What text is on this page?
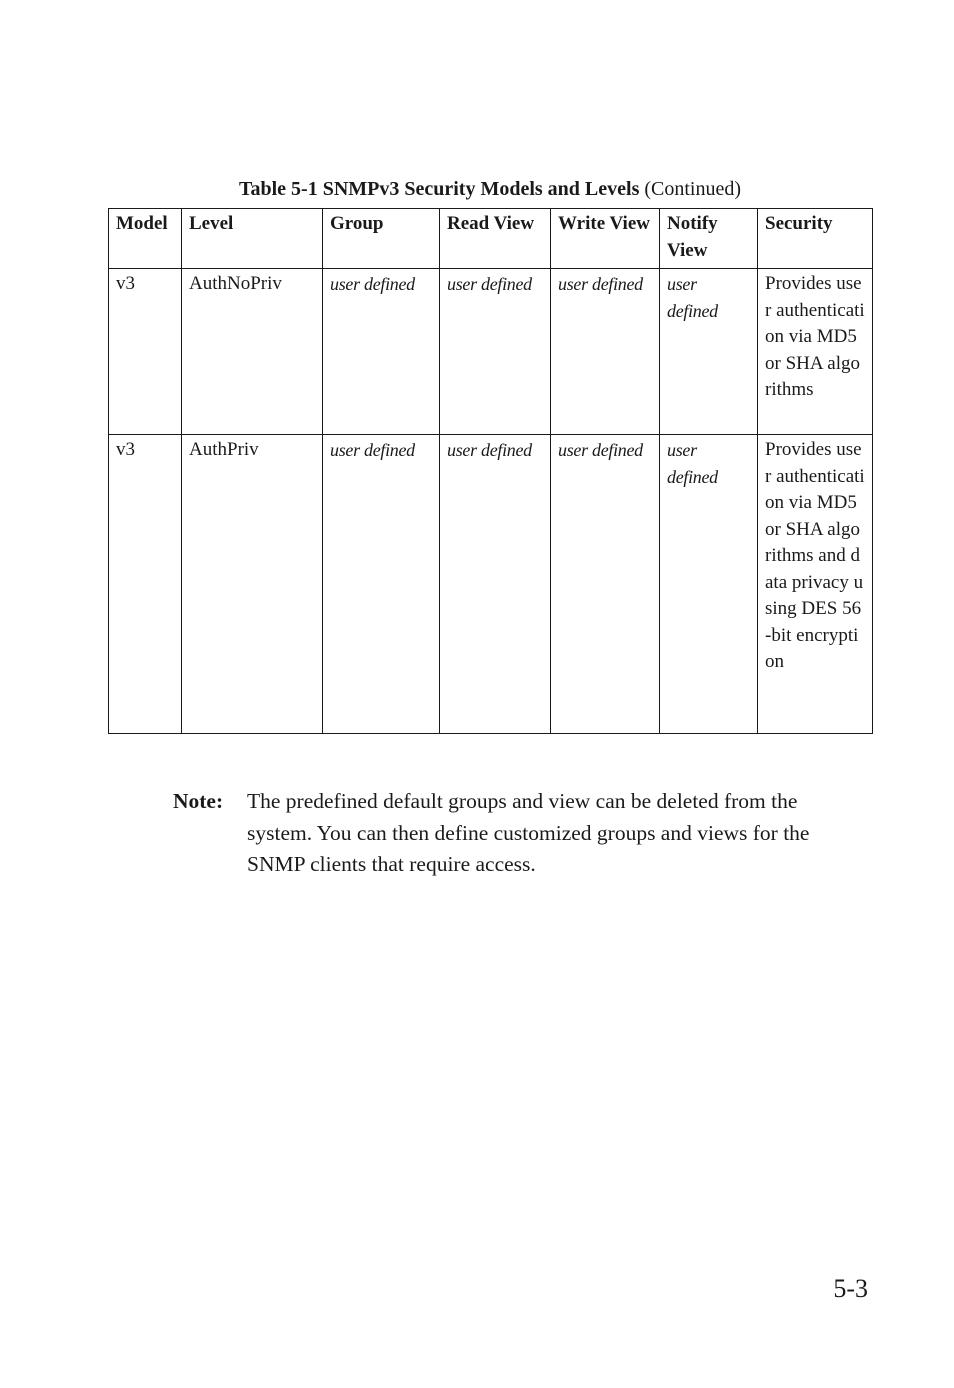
Table 5-1 SNMPv3 Security Models and Levels (Continued)
Model	Level	Group	Read View	Write View	Notify View	Security
v3	AuthNoPriv	user defined	user defined	user defined	user defined	Provides user authentication via MD5 or SHA algorithms
v3	AuthPriv	user defined	user defined	user defined	user defined	Provides user authentication via MD5 or SHA algorithms and data privacy using DES 56-bit encryption
Note: The predefined default groups and view can be deleted from the system. You can then define customized groups and views for the SNMP clients that require access.
5-3
